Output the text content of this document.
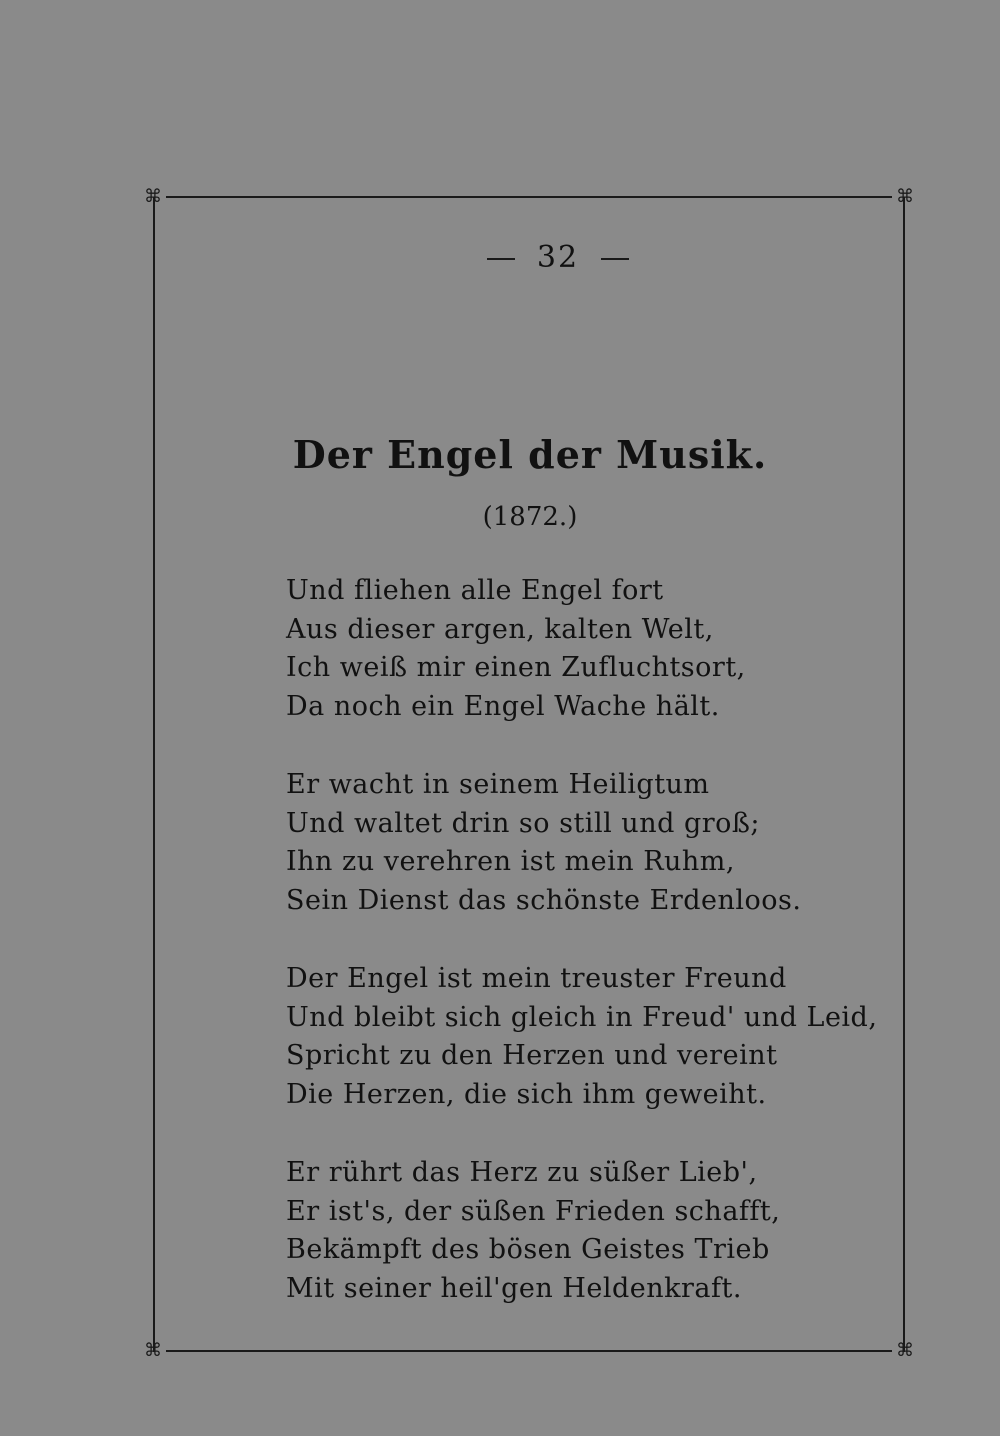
⌘	⌘
⌘	⌘
32
Der Engel der Musik.
(1872.)
Und fliehen alle Engel fort
Aus dieser argen, kalten Welt,
Ich weiß mir einen Zufluchtsort,
Da noch ein Engel Wache hält.
Er wacht in seinem Heiligtum
Und waltet drin so still und groß;
Ihn zu verehren ist mein Ruhm,
Sein Dienst das schönste Erdenloos.
Der Engel ist mein treuster Freund
Und bleibt sich gleich in Freud' und Leid,
Spricht zu den Herzen und vereint
Die Herzen, die sich ihm geweiht.
Er rührt das Herz zu süßer Lieb',
Er ist's, der süßen Frieden schafft,
Bekämpft des bösen Geistes Trieb
Mit seiner heil'gen Heldenkraft.
